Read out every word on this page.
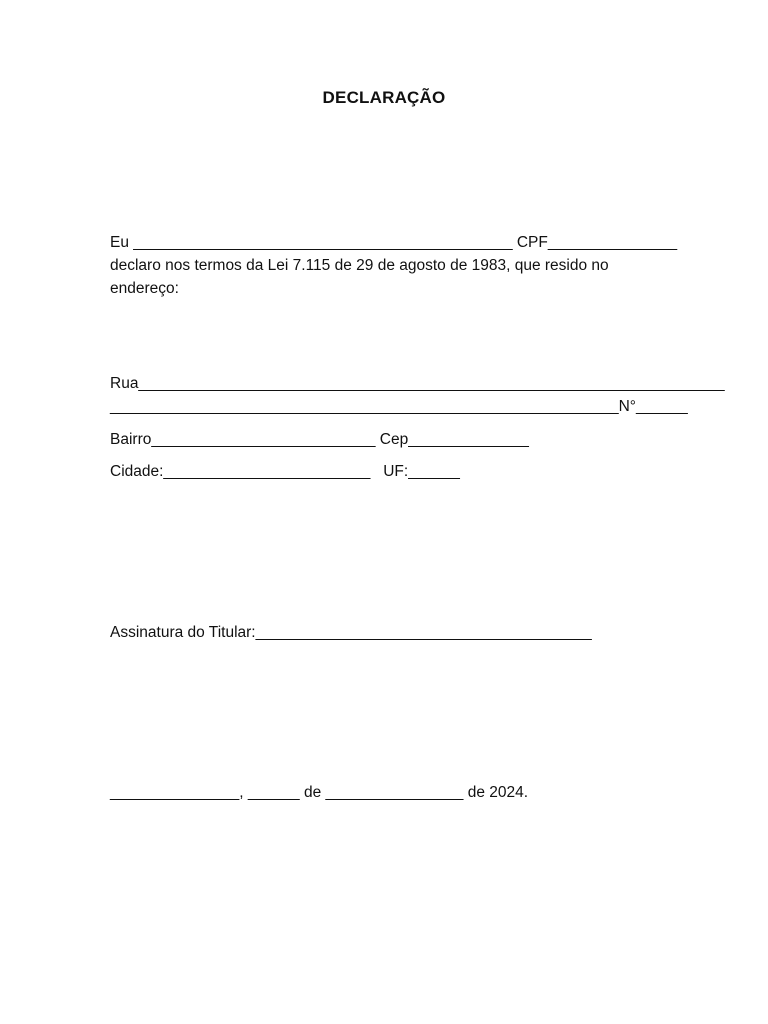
DECLARAÇÃO
Eu ____________________________________________ CPF_______________
declaro nos termos da Lei 7.115 de 29 de agosto de 1983, que resido no
endereço:
Rua____________________________________________________________________
___________________________________________________________N°______
Bairro__________________________ Cep______________
Cidade:________________________   UF:______
Assinatura do Titular:_______________________________________
_______________, ______ de ________________ de 2024.
